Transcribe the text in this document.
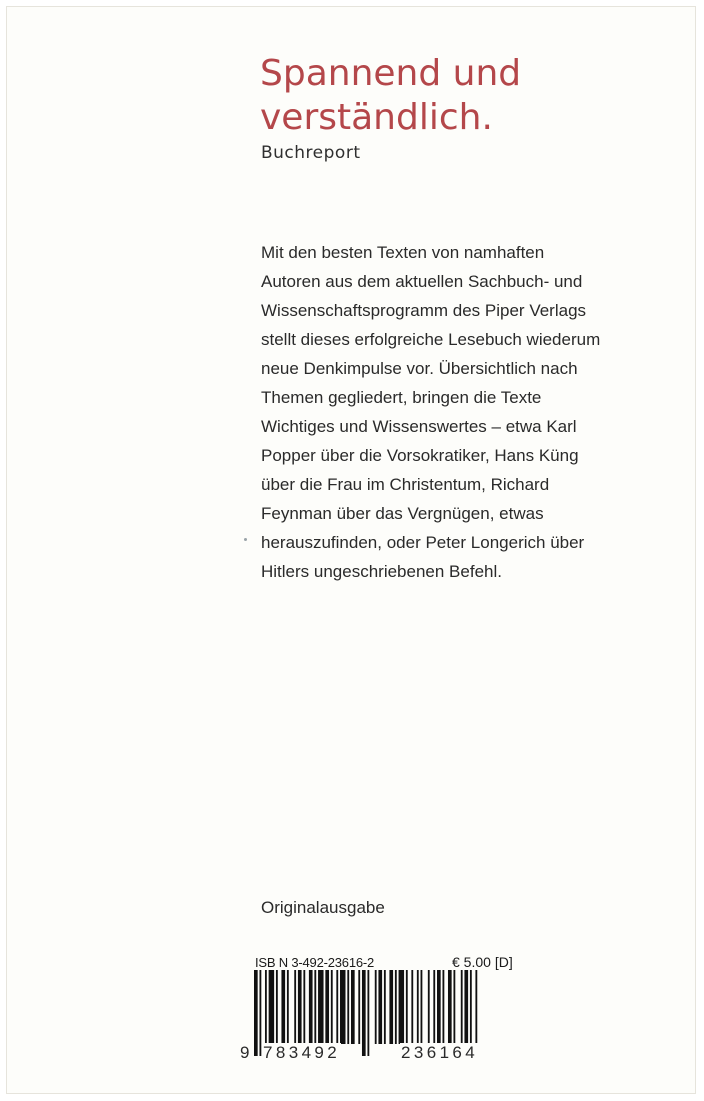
Spannend und
verständlich.
Buchreport
Mit den besten Texten von namhaften
Autoren aus dem aktuellen Sachbuch- und
Wissenschaftsprogramm des Piper Verlags
stellt dieses erfolgreiche Lesebuch wiederum
neue Denkimpulse vor. Übersichtlich nach
Themen gegliedert, bringen die Texte
Wichtiges und Wissenswertes – etwa Karl
Popper über die Vorsokratiker, Hans Küng
über die Frau im Christentum, Richard
Feynman über das Vergnügen, etwas
herauszufinden, oder Peter Longerich über
Hitlers ungeschriebenen Befehl.
Originalausgabe
ISB N 3-492-23616-2	€ 5.00 [D]
9 783492	236164
